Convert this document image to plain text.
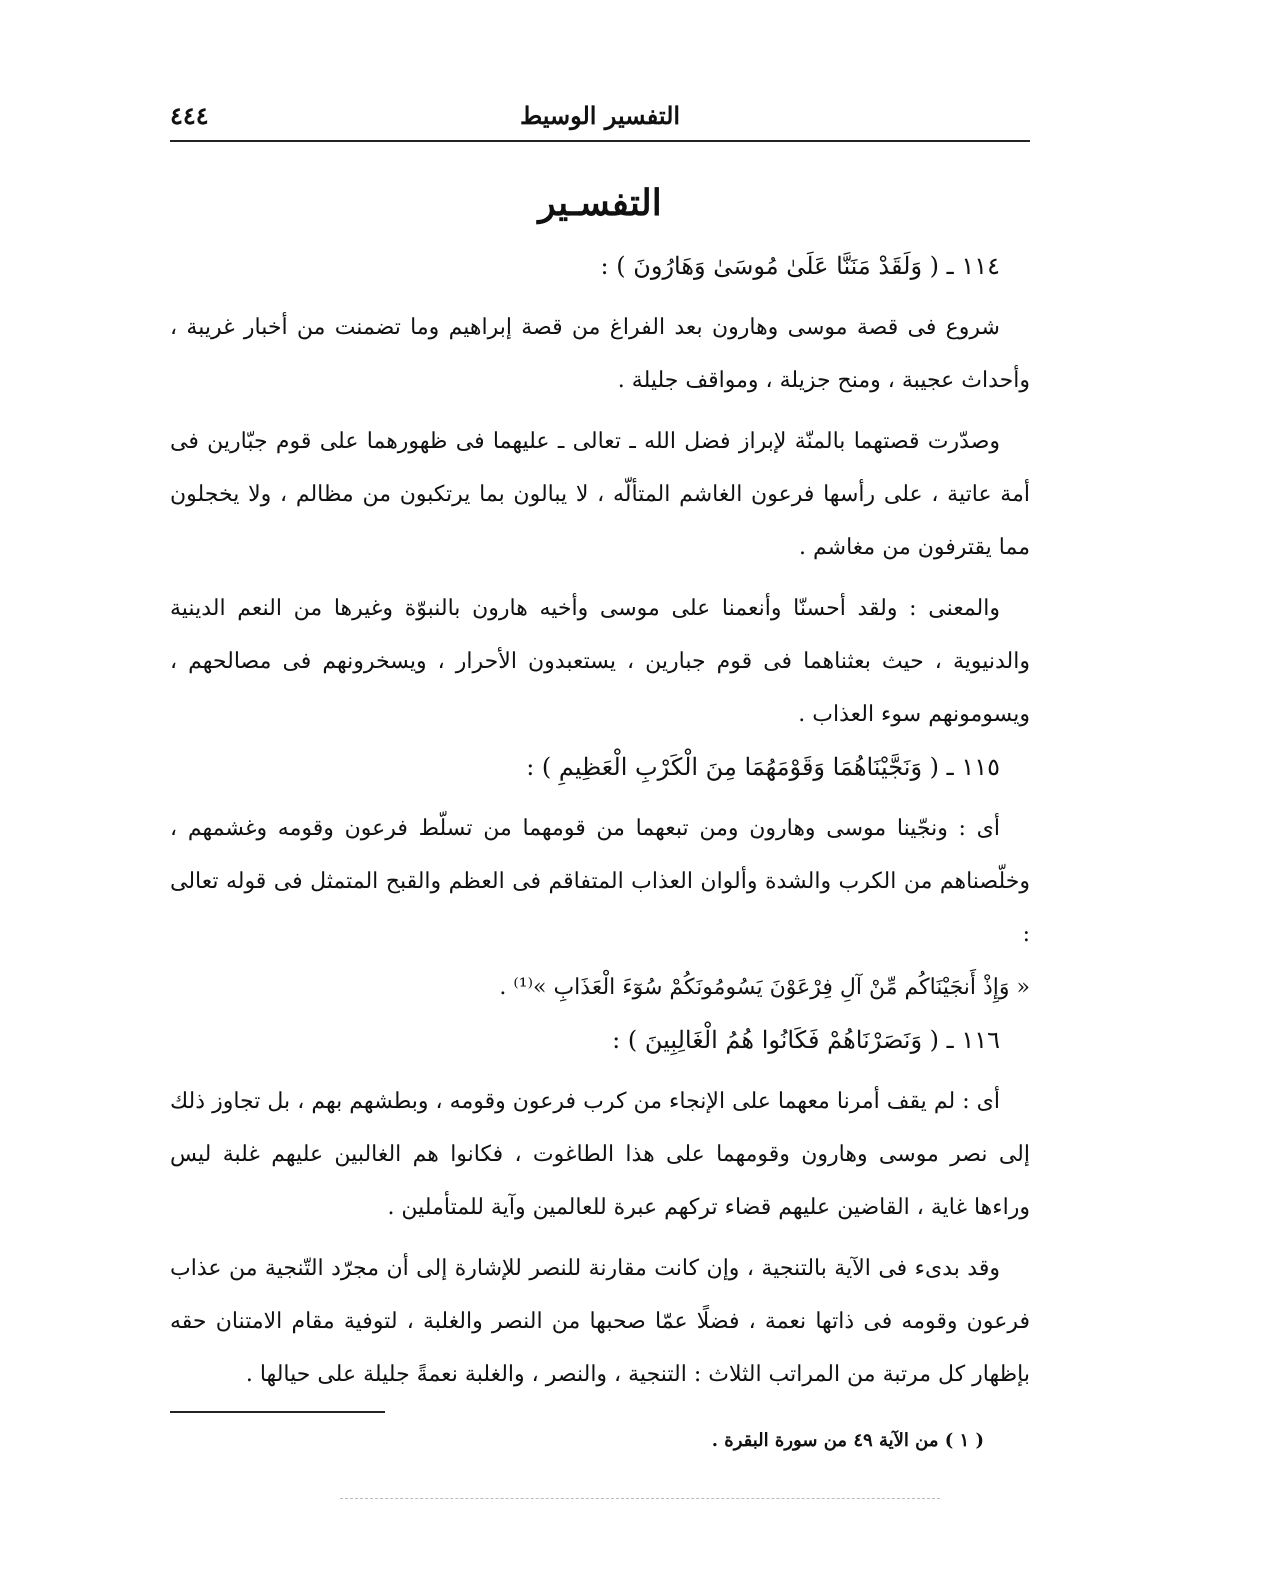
التفسير الوسيط
٤٤٤
التفسـير
١١٤ ـ ( وَلَقَدْ مَنَنَّا عَلَىٰ مُوسَىٰ وَهَارُونَ ) :

شروع فى قصة موسى وهارون بعد الفراغ من قصة إبراهيم وما تضمنت من أخبار غريبة ، وأحداث عجيبة ، ومنح جزيلة ، ومواقف جليلة .

وصدّرت قصتهما بالمنّة لإبراز فضل الله ـ تعالى ـ عليهما فى ظهورهما على قوم جبّارين فى أمة عاتية ، على رأسها فرعون الغاشم المتألّه ، لا يبالون بما يرتكبون من مظالم ، ولا يخجلون مما يقترفون من مغاشم .

والمعنى : ولقد أحسنّا وأنعمنا على موسى وأخيه هارون بالنبوّة وغيرها من النعم الدينية والدنيوية ، حيث بعثناهما فى قوم جبارين ، يستعبدون الأحرار ، ويسخرونهم فى مصالحهم ، ويسومونهم سوء العذاب .

١١٥ ـ ( وَنَجَّيْنَاهُمَا وَقَوْمَهُمَا مِنَ الْكَرْبِ الْعَظِيمِ ) :

أى : ونجّينا موسى وهارون ومن تبعهما من قومهما من تسلّط فرعون وقومه وغشمهم ، وخلّصناهم من الكرب والشدة وألوان العذاب المتفاقم فى العظم والقبح المتمثل فى قوله تعالى :

« وَإِذْ أَنجَيْنَاكُم مِّنْ آلِ فِرْعَوْنَ يَسُومُونَكُمْ سُوٓءَ الْعَذَابِ »⁽¹⁾ .
١١٦ ـ ( وَنَصَرْنَاهُمْ فَكَانُوا هُمُ الْغَالِبِينَ ) :

أى : لم يقف أمرنا معهما على الإنجاء من كرب فرعون وقومه ، وبطشهم بهم ، بل تجاوز ذلك إلى نصر موسى وهارون وقومهما على هذا الطاغوت ، فكانوا هم الغالبين عليهم غلبة ليس وراءها غاية ، القاضين عليهم قضاء تركهم عبرة للعالمين وآية للمتأملين .

وقد بدىء فى الآية بالتنجية ، وإن كانت مقارنة للنصر للإشارة إلى أن مجرّد التّنجية من عذاب فرعون وقومه فى ذاتها نعمة ، فضلًا عمّا صحبها من النصر والغلبة ، لتوفية مقام الامتنان حقه بإظهار كل مرتبة من المراتب الثلاث : التنجية ، والنصر ، والغلبة نعمةً جليلة على حيالها .

( ١ ) من الآية ٤٩ من سورة البقرة .
